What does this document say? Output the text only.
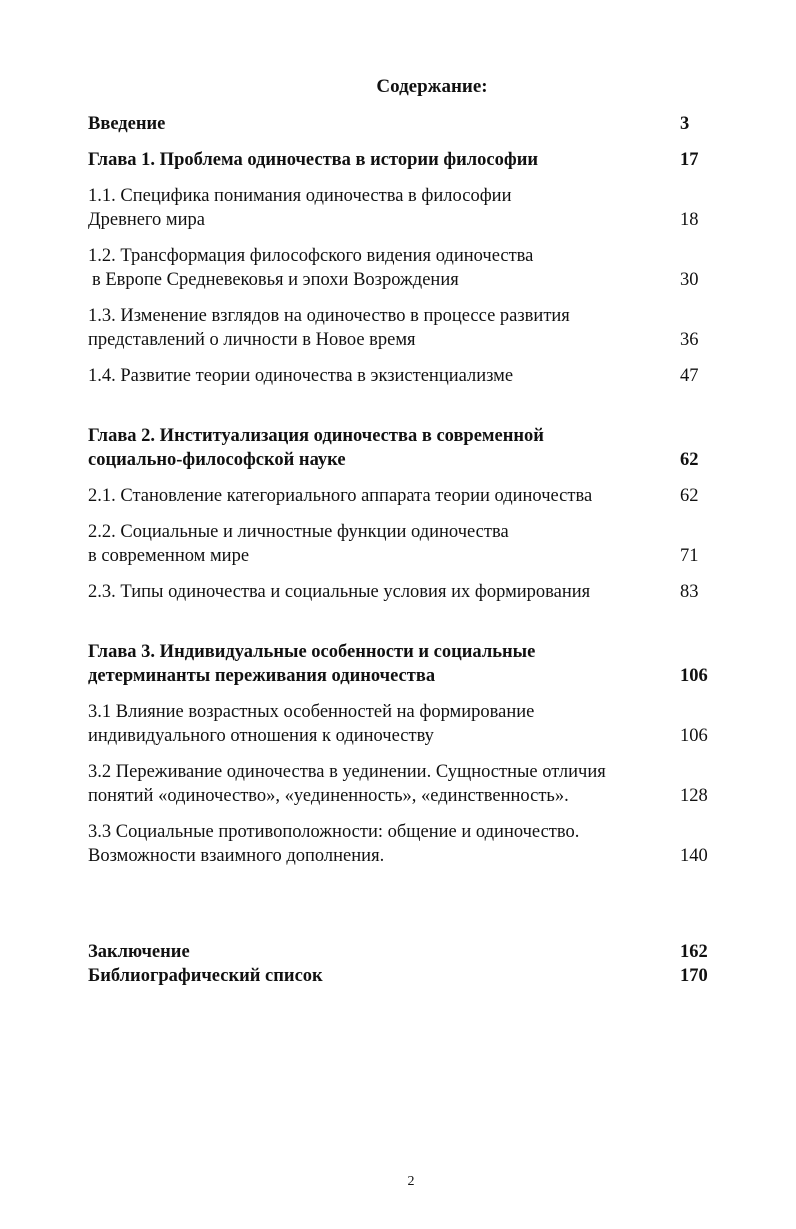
Содержание:
Введение	3
Глава 1. Проблема одиночества в истории философии	17
1.1. Специфика понимания одиночества в философии
Древнего мира	18
1.2. Трансформация философского видения одиночества
в Европе Средневековья и эпохи Возрождения	30
1.3. Изменение взглядов на одиночество в процессе развития
представлений о личности в Новое время	36
1.4. Развитие теории одиночества в экзистенциализме	47
Глава 2. Институализация одиночества в современной
социально-философской науке	62
2.1. Становление категориального аппарата теории одиночества	62
2.2. Социальные и личностные функции одиночества
в современном мире	71
2.3. Типы одиночества и социальные условия их формирования	83
Глава 3. Индивидуальные особенности и социальные
детерминанты переживания одиночества	106
3.1 Влияние возрастных особенностей на формирование
индивидуального отношения к одиночеству	106
3.2 Переживание одиночества в уединении. Сущностные отличия
понятий «одиночество», «уединенность», «единственность».	128
3.3 Социальные противоположности: общение и одиночество.
Возможности взаимного дополнения.	140
Заключение	162
Библиографический список	170
2
